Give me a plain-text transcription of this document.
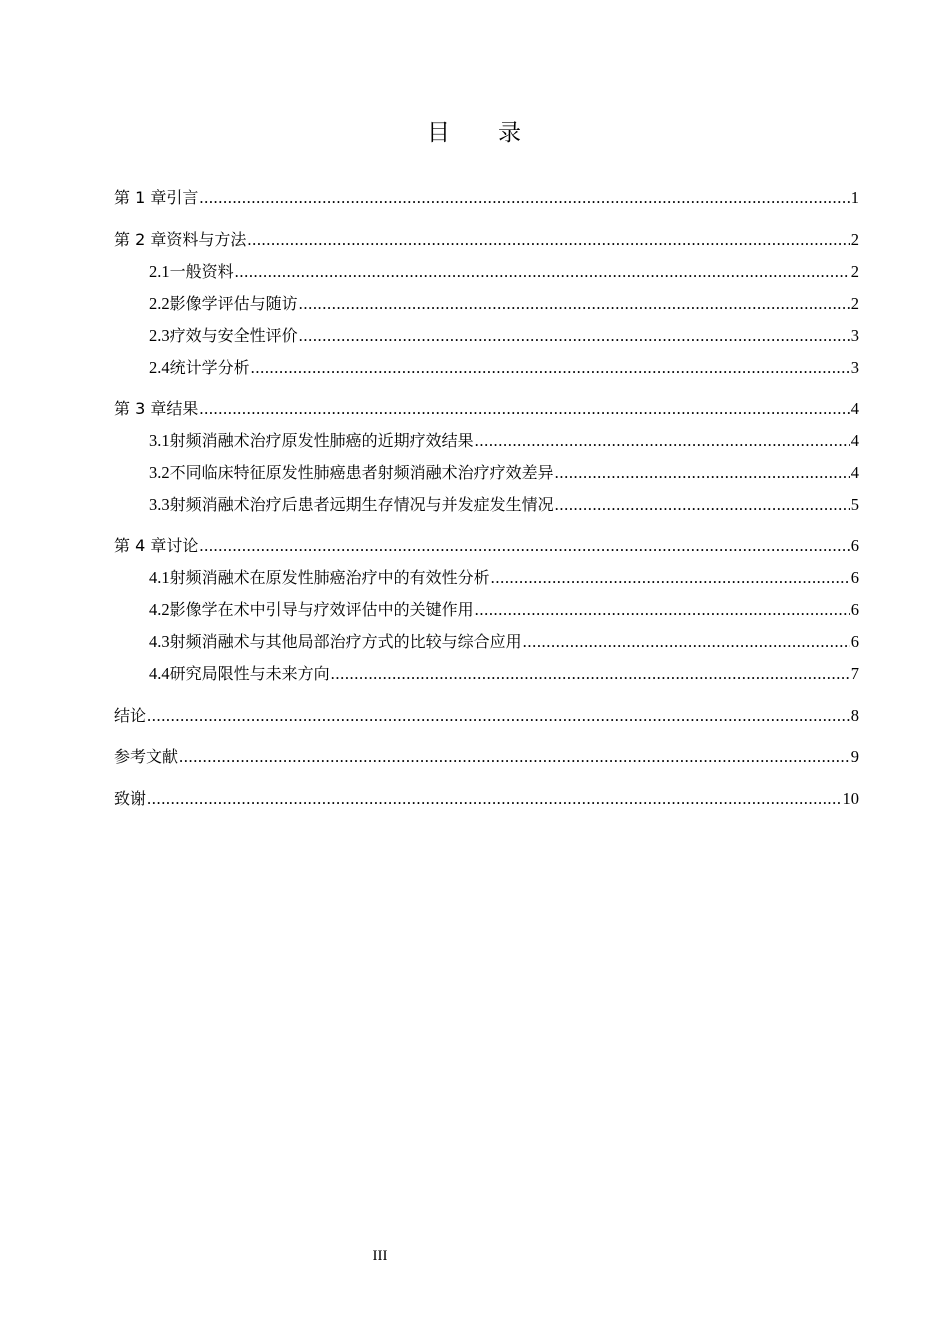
目 录
第 1 章 引言 .....	1
第 2 章 资料与方法 .....	2
2.1 一般资料 .....	2
2.2 影像学评估与随访 .....	2
2.3 疗效与安全性评价 .....	3
2.4 统计学分析 .....	3
第 3 章 结果 .....	4
3.1 射频消融术治疗原发性肺癌的近期疗效结果 .....	4
3.2 不同临床特征原发性肺癌患者射频消融术治疗疗效差异 .....	4
3.3 射频消融术治疗后患者远期生存情况与并发症发生情况 .....	5
第 4 章 讨论 .....	6
4.1 射频消融术在原发性肺癌治疗中的有效性分析 .....	6
4.2 影像学在术中引导与疗效评估中的关键作用 .....	6
4.3 射频消融术与其他局部治疗方式的比较与综合应用 .....	6
4.4 研究局限性与未来方向 .....	7
结论 .....	8
参考文献 .....	9
致谢 .....	10
III
